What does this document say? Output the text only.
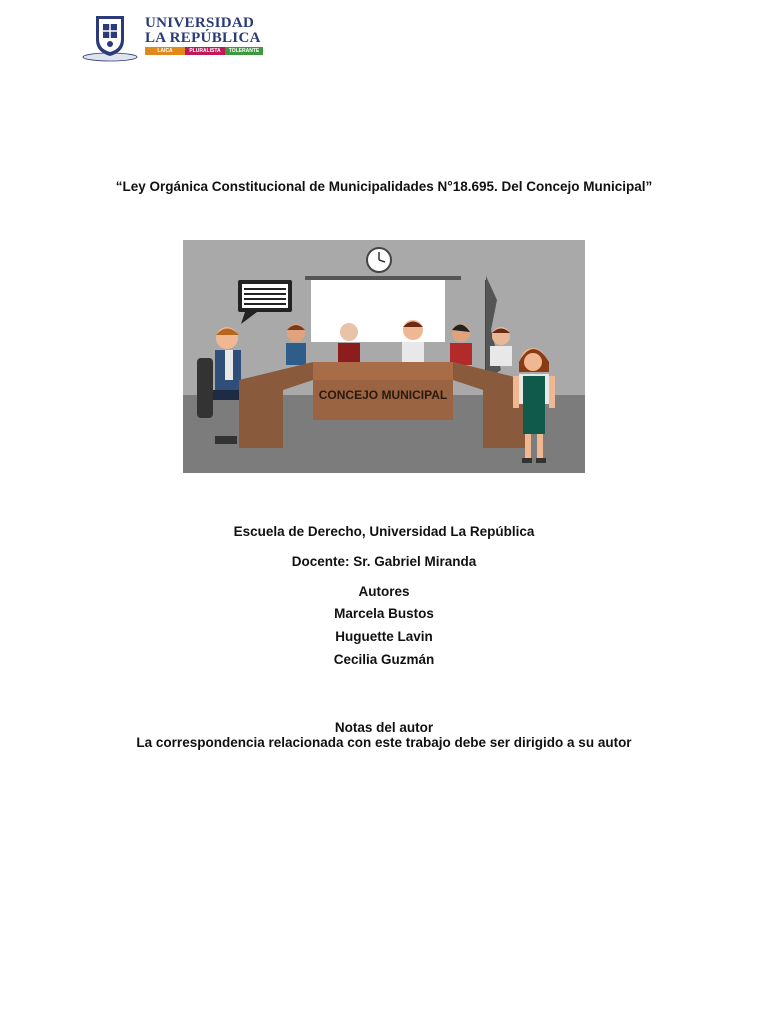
UNIVERSIDAD
LA REPÚBLICA
LAICA	PLURALISTA	TOLERANTE
“Ley Orgánica Constitucional de Municipalidades N°18.695. Del Concejo Municipal”
CONCEJO MUNICIPAL
Escuela de Derecho, Universidad La República
Docente: Sr. Gabriel Miranda
Autores
Marcela Bustos
Huguette Lavin
Cecilia Guzmán
Notas del autor
La correspondencia relacionada con este trabajo debe ser dirigido a su autor
